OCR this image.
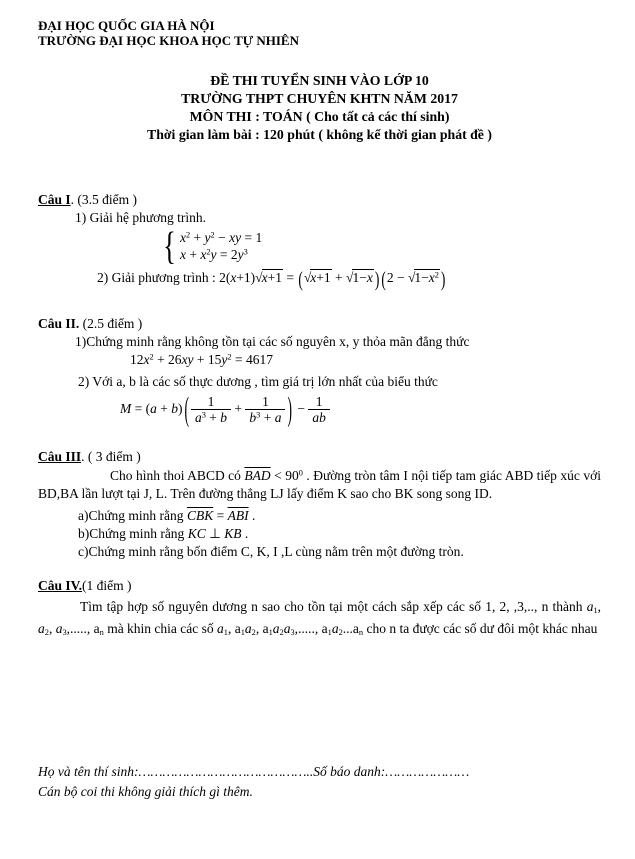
ĐẠI HỌC QUỐC GIA HÀ NỘI
TRƯỜNG ĐẠI HỌC KHOA HỌC TỰ NHIÊN
ĐỀ THI TUYỂN SINH VÀO LỚP 10
TRƯỜNG THPT CHUYÊN KHTN NĂM 2017
MÔN THI : TOÁN ( Cho tất cả các thí sinh)
Thời gian làm bài : 120 phút ( không kể thời gian phát đề )
Câu I. (3.5 điểm )
1) Giải hệ phương trình.
{ $x^2 + y^2$ − xy = 1
$x + x^2y = 2y^3$
2) Giải phương trình : 2(x+1)√x+1 = (√x+1 + √1−x ) ($2 - √1-x^2$ )
Câu II. (2.5 điểm )
1)Chứng minh rằng không tồn tại các số nguyên x, y thỏa mãn đẳng thức
$12x^2 + 26xy + 15y^2 = 4617$
2) Với a, b là các số thực dương , tìm giá trị lớn nhất của biểu thức
M = (a + b) ( $\frac{1}{a^3 + b} + \frac{1}{b^3 + a}$ ) − $\frac{1}{ab}$
Câu III. ( 3 điểm )
Cho hình thoi ABCD có $\overline{BAD} < 90^0$ . Đường tròn tâm I nội tiếp tam giác ABD tiếp xúc với BD,BA lần lượt tại J, L. Trên đường thẳng LJ lấy điểm K sao cho BK song song ID.
a)Chứng minh rằng $\overline{CBK} = \overline{ABI}$ .
b)Chứng minh rằng KC ⊥ KB .
c)Chứng minh rằng bốn điểm C, K, I ,L cùng nằm trên một đường tròn.
Câu IV.(1 điểm )
Tìm tập hợp số nguyên dương n sao cho tồn tại một cách sắp xếp các số 1, 2, ,3,.., n thành $a_1$, $a_2$, $a_3$,....., $a_n$ mà khin chia các số $a_1$, $a_1a_2$, $a_1a_2a_3$,....., $a_1a_2...a_n$ cho n ta được các số dư đôi một khác nhau
Họ và tên thí sinh:……………………………………..Số báo danh:…………………
Cán bộ coi thi không giải thích gì thêm.
